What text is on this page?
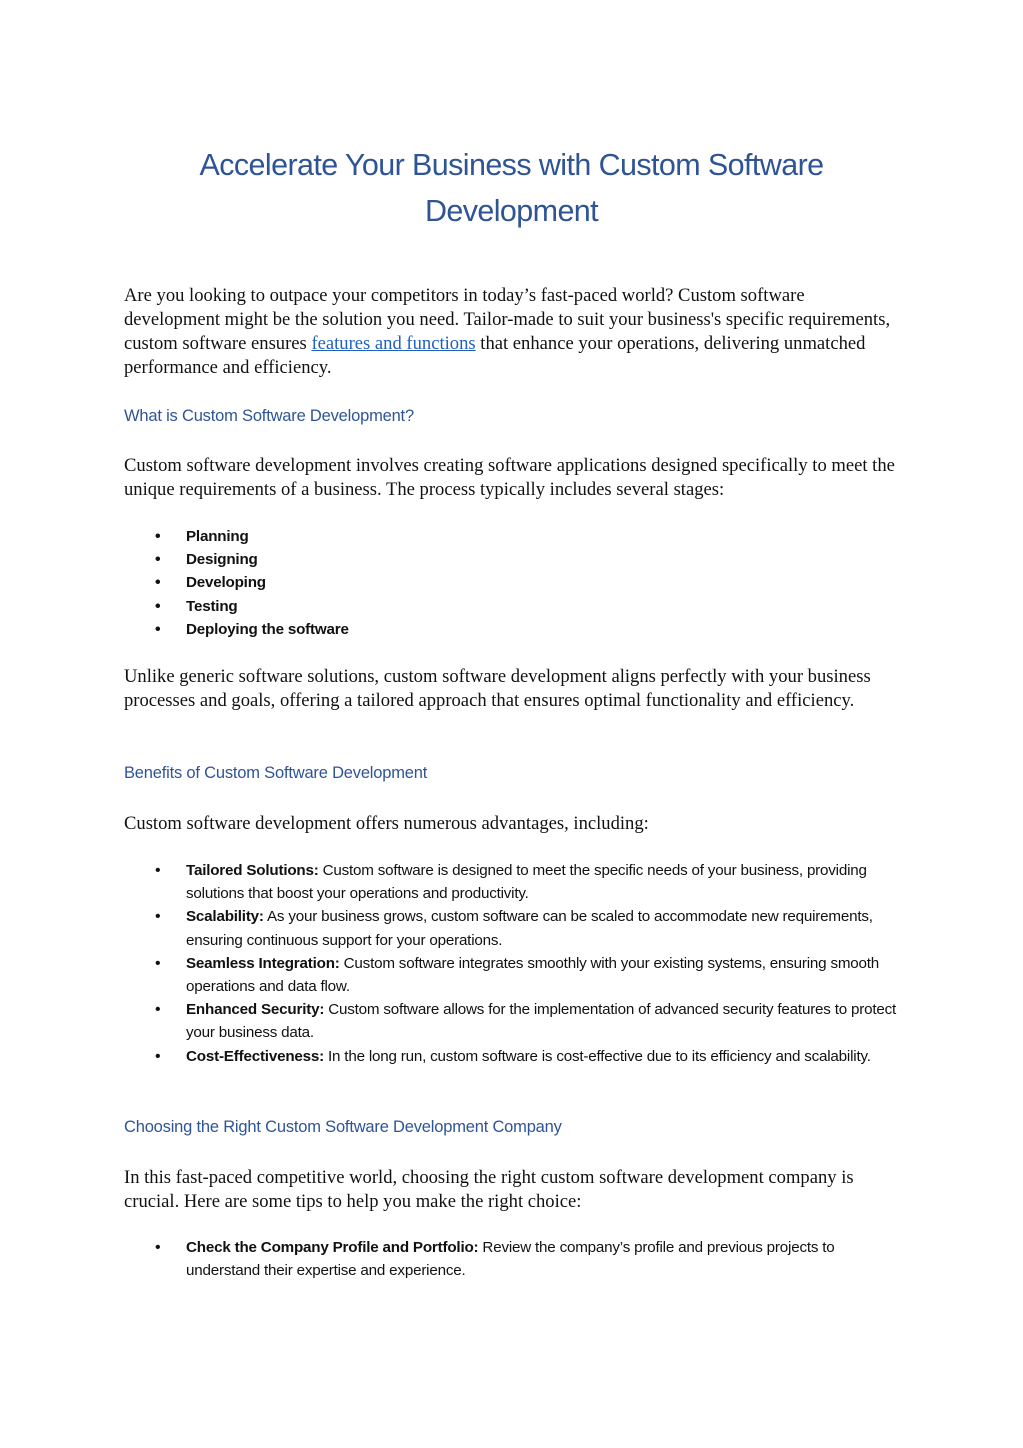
Accelerate Your Business with Custom Software
Development

Are you looking to outpace your competitors in today’s fast-paced world? Custom software development might be the solution you need. Tailor-made to suit your business's specific requirements, custom software ensures features and functions that enhance your operations, delivering unmatched performance and efficiency.

What is Custom Software Development?

Custom software development involves creating software applications designed specifically to meet the unique requirements of a business. The process typically includes several stages:

• Planning
• Designing
• Developing
• Testing
• Deploying the software

Unlike generic software solutions, custom software development aligns perfectly with your business processes and goals, offering a tailored approach that ensures optimal functionality and efficiency.

Benefits of Custom Software Development

Custom software development offers numerous advantages, including:

• Tailored Solutions: Custom software is designed to meet the specific needs of your business, providing solutions that boost your operations and productivity.
• Scalability: As your business grows, custom software can be scaled to accommodate new requirements, ensuring continuous support for your operations.
• Seamless Integration: Custom software integrates smoothly with your existing systems, ensuring smooth operations and data flow.
• Enhanced Security: Custom software allows for the implementation of advanced security features to protect your business data.
• Cost-Effectiveness: In the long run, custom software is cost-effective due to its efficiency and scalability.
Choosing the Right Custom Software Development Company

In this fast-paced competitive world, choosing the right custom software development company is crucial. Here are some tips to help you make the right choice:

• Check the Company Profile and Portfolio: Review the company’s profile and previous projects to understand their expertise and experience.
